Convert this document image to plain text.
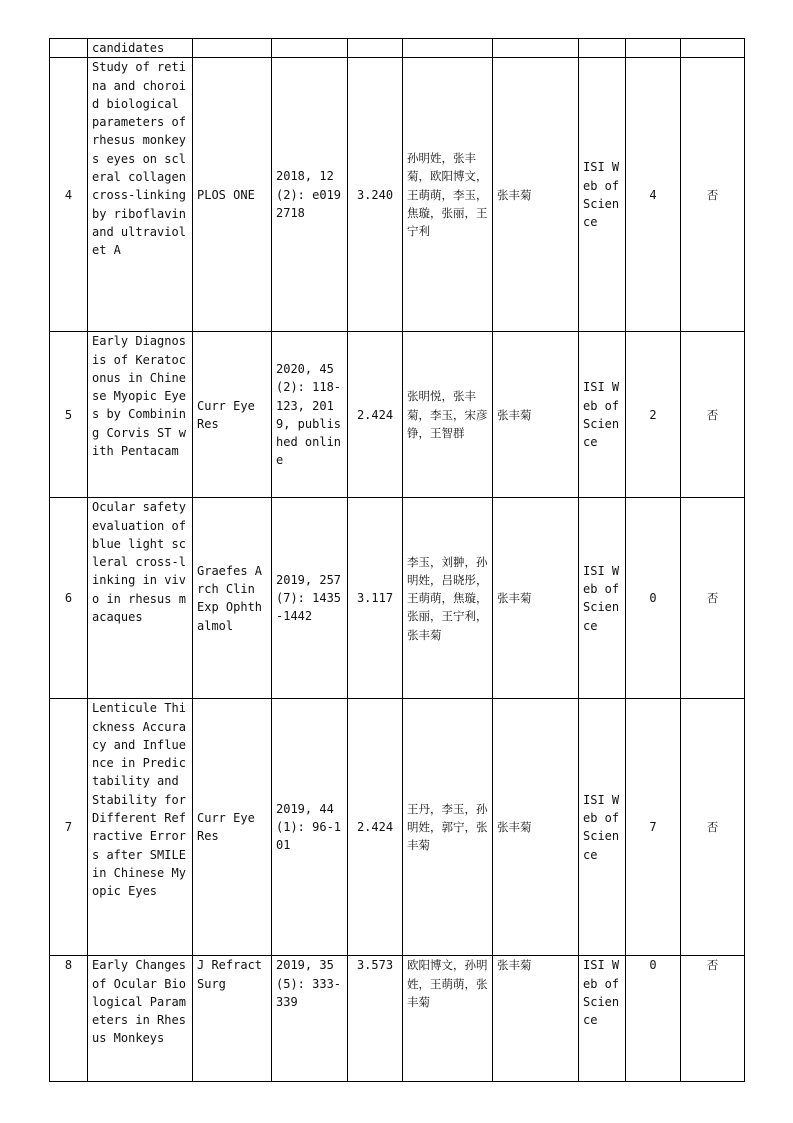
	candidates								
4	Study of retina and choroid biological parameters of rhesus monkeys eyes on scleral collagen cross-linking by riboflavin and ultraviolet A	PLOS ONE	2018, 12 (2): e0192718	3.240	孙明姓，张丰菊，欧阳博文，王萌萌，李玉，焦璇，张丽，王宁利	张丰菊	ISI Web of Science	4	否
5	Early Diagnosis of Keratoconus in Chinese Myopic Eyes by Combining Corvis ST with Pentacam	Curr Eye Res	2020, 45 (2): 118-123, 2019, published online	2.424	张明悦，张丰菊，李玉，宋彦铮，王智群	张丰菊	ISI Web of Science	2	否
6	Ocular safety evaluation of blue light scleral cross-linking in vivo in rhesus macaques	Graefes Arch Clin Exp Ophthalmol	2019, 257(7): 1435-1442	3.117	李玉，刘翀，孙明姓，吕晓彤，王萌萌，焦璇，张丽，王宁利，张丰菊	张丰菊	ISI Web of Science	0	否
7	Lenticule Thickness Accuracy and Influence in Predictability and Stability for Different Refractive Errors after SMILE in Chinese Myopic Eyes	Curr Eye Res	2019, 44 (1): 96-101	2.424	王丹，李玉，孙明姓，郭宁，张丰菊	张丰菊	ISI Web of Science	7	否
8	Early Changes of Ocular Biological Parameters in Rhesus Monkeys	J Refract Surg	2019, 35 (5): 333-339	3.573	欧阳博文，孙明姓，王萌萌，张丰菊	张丰菊	ISI Web of Science	0	否
